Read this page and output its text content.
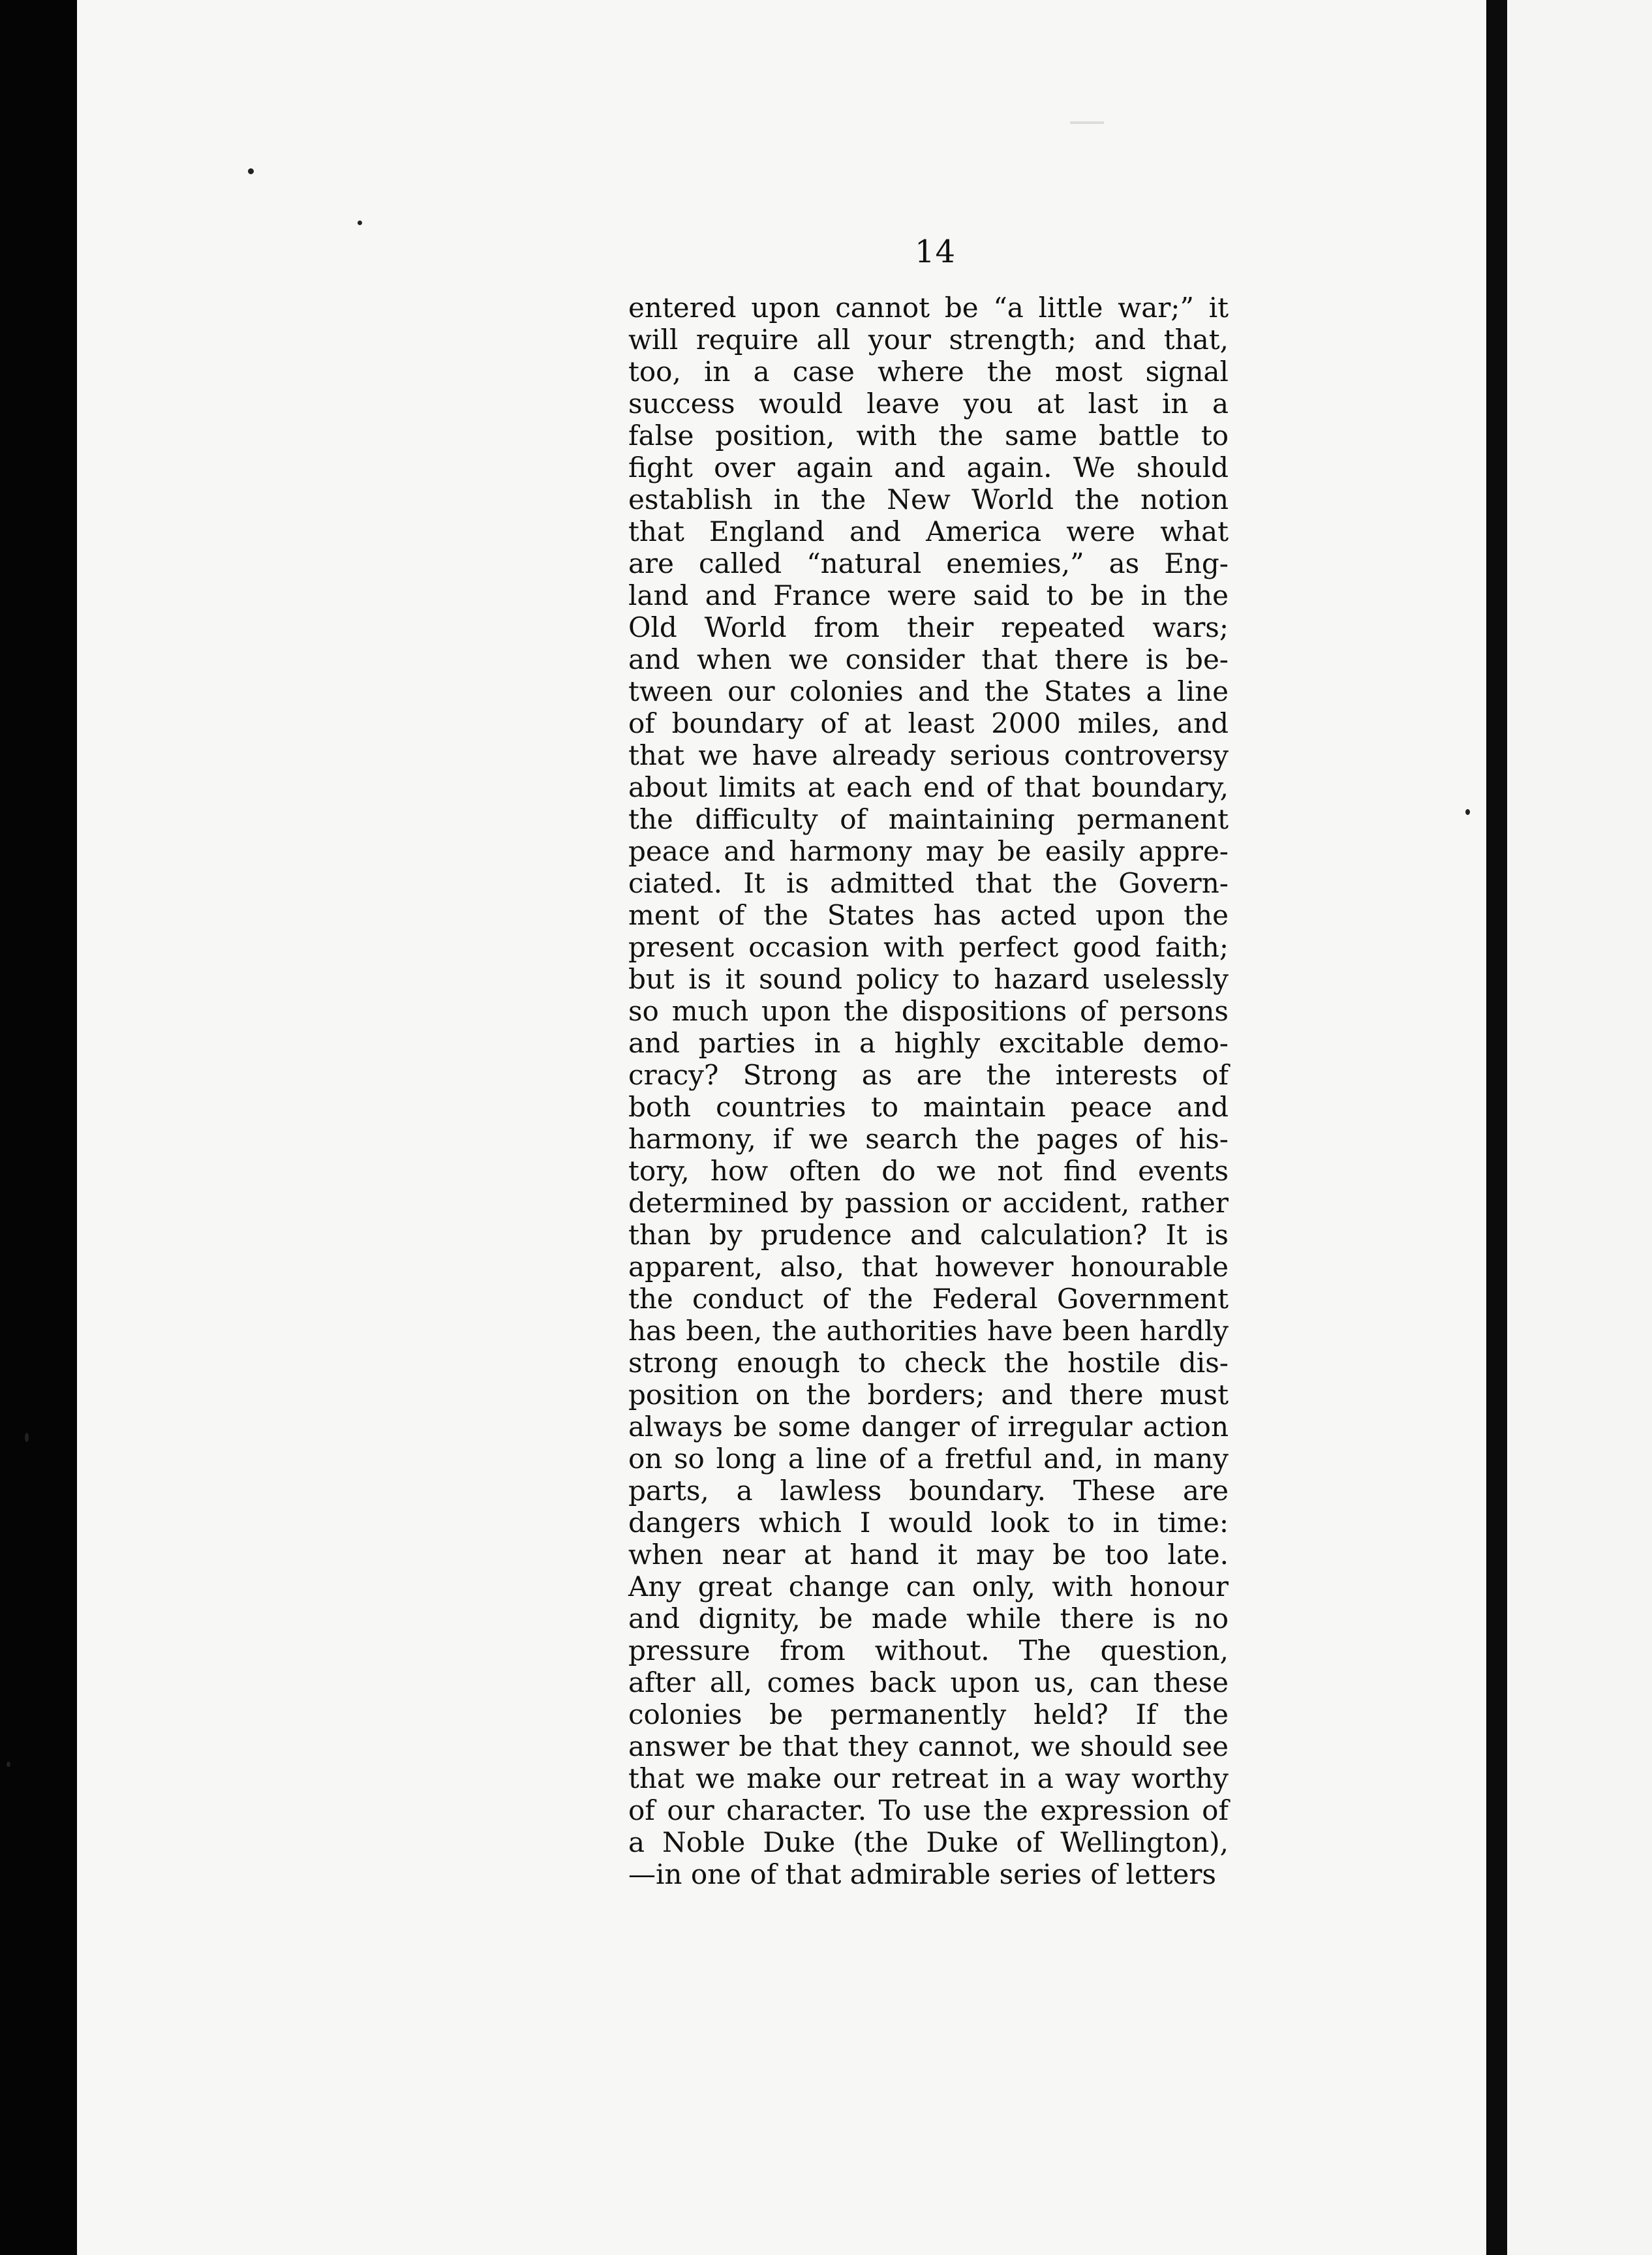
14
entered upon cannot be “a little war;” it
will require all your strength; and that,
too, in a case where the most signal
success would leave you at last in a
false position, with the same battle to
fight over again and again. We should
establish in the New World the notion
that England and America were what
are called “natural enemies,” as Eng-
land and France were said to be in the
Old World from their repeated wars;
and when we consider that there is be-
tween our colonies and the States a line
of boundary of at least 2000 miles, and
that we have already serious controversy
about limits at each end of that boundary,
the difficulty of maintaining permanent
peace and harmony may be easily appre-
ciated. It is admitted that the Govern-
ment of the States has acted upon the
present occasion with perfect good faith;
but is it sound policy to hazard uselessly
so much upon the dispositions of persons
and parties in a highly excitable demo-
cracy? Strong as are the interests of
both countries to maintain peace and
harmony, if we search the pages of his-
tory, how often do we not find events
determined by passion or accident, rather
than by prudence and calculation? It is
apparent, also, that however honourable
the conduct of the Federal Government
has been, the authorities have been hardly
strong enough to check the hostile dis-
position on the borders; and there must
always be some danger of irregular action
on so long a line of a fretful and, in many
parts, a lawless boundary. These are
dangers which I would look to in time:
when near at hand it may be too late.
Any great change can only, with honour
and dignity, be made while there is no
pressure from without. The question,
after all, comes back upon us, can these
colonies be permanently held? If the
answer be that they cannot, we should see
that we make our retreat in a way worthy
of our character. To use the expression of
a Noble Duke (the Duke of Wellington),
—in one of that admirable series of letters
